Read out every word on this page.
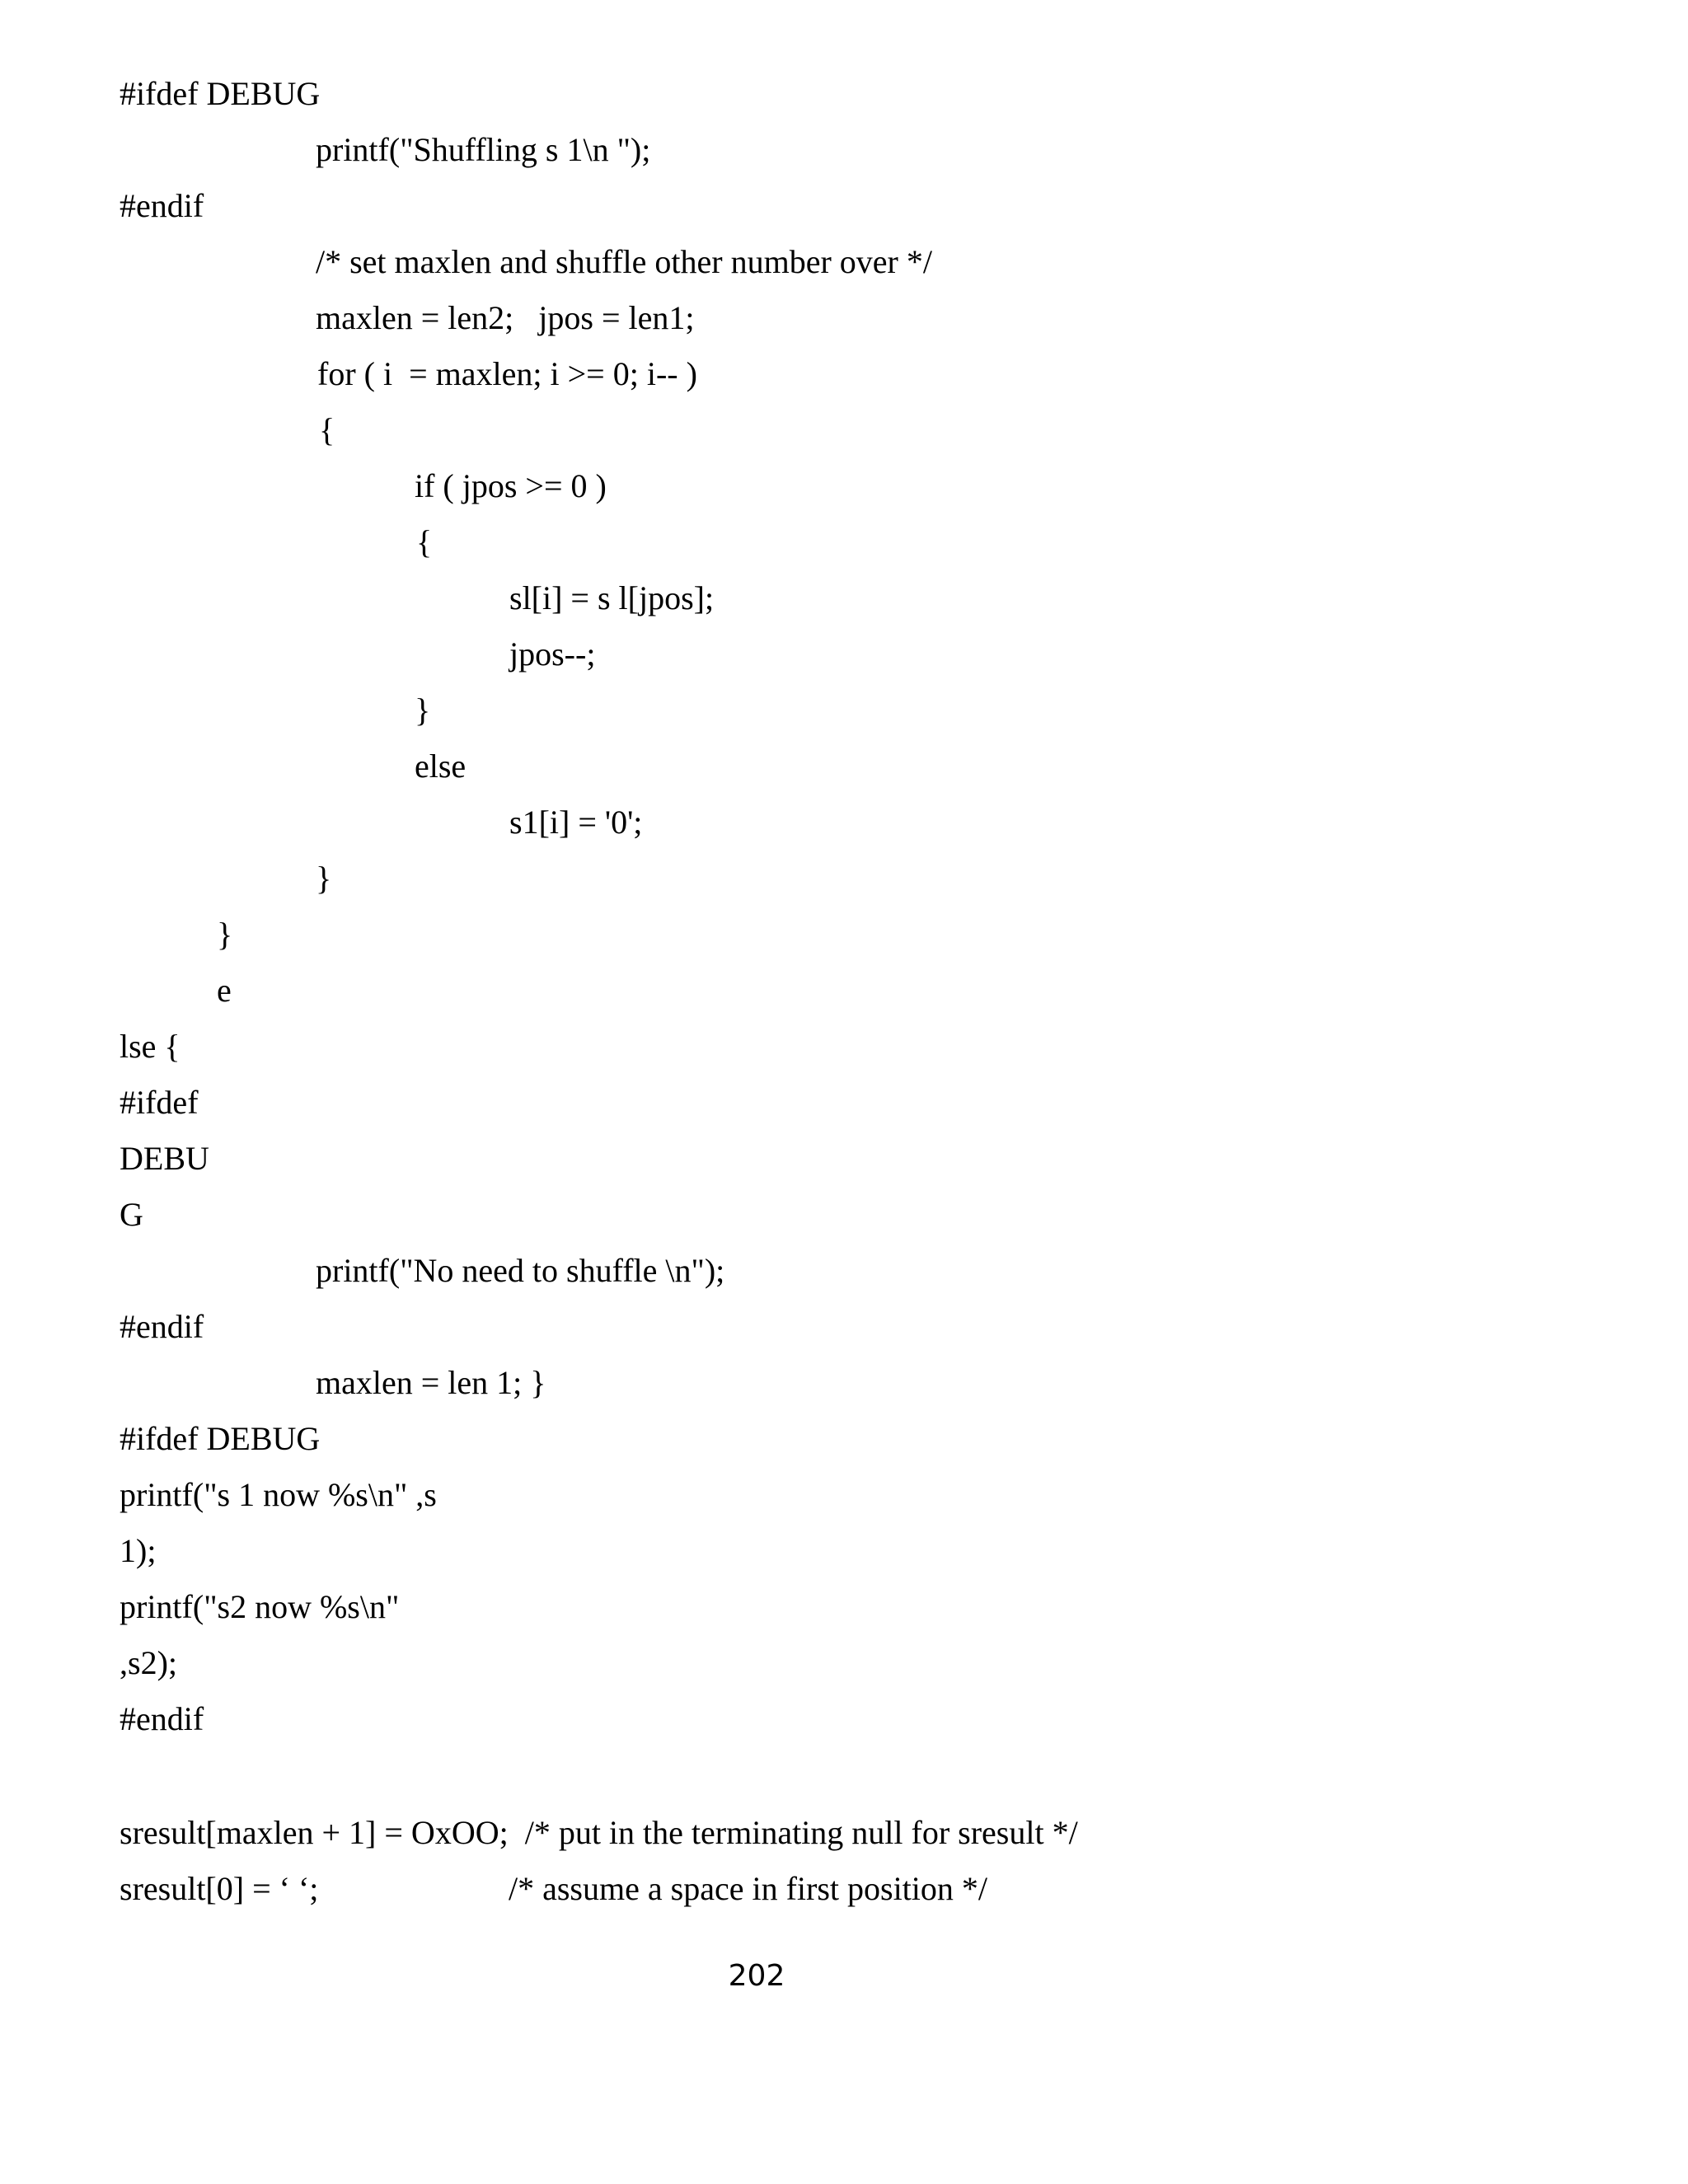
#ifdef DEBUG
printf("Shuffling s 1\n ");
#endif
/* set maxlen and shuffle other number over */
maxlen = len2;   jpos = len1;
for ( i  = maxlen; i >= 0; i-- )
{
if ( jpos >= 0 )
{
sl[i] = s l[jpos];
jpos--;
}
else
s1[i] = '0';
}
}
e
lse {
#ifdef
DEBU
G
printf("No need to shuffle \n");
#endif
maxlen = len 1; }
#ifdef DEBUG
printf("s 1 now %s\n" ,s
1);
printf("s2 now %s\n"
,s2);
#endif
sresult[maxlen + 1] = OxOO;  /* put in the terminating null for sresult */
sresult[0] = ‘ ‘;	/* assume a space in first position */
202
